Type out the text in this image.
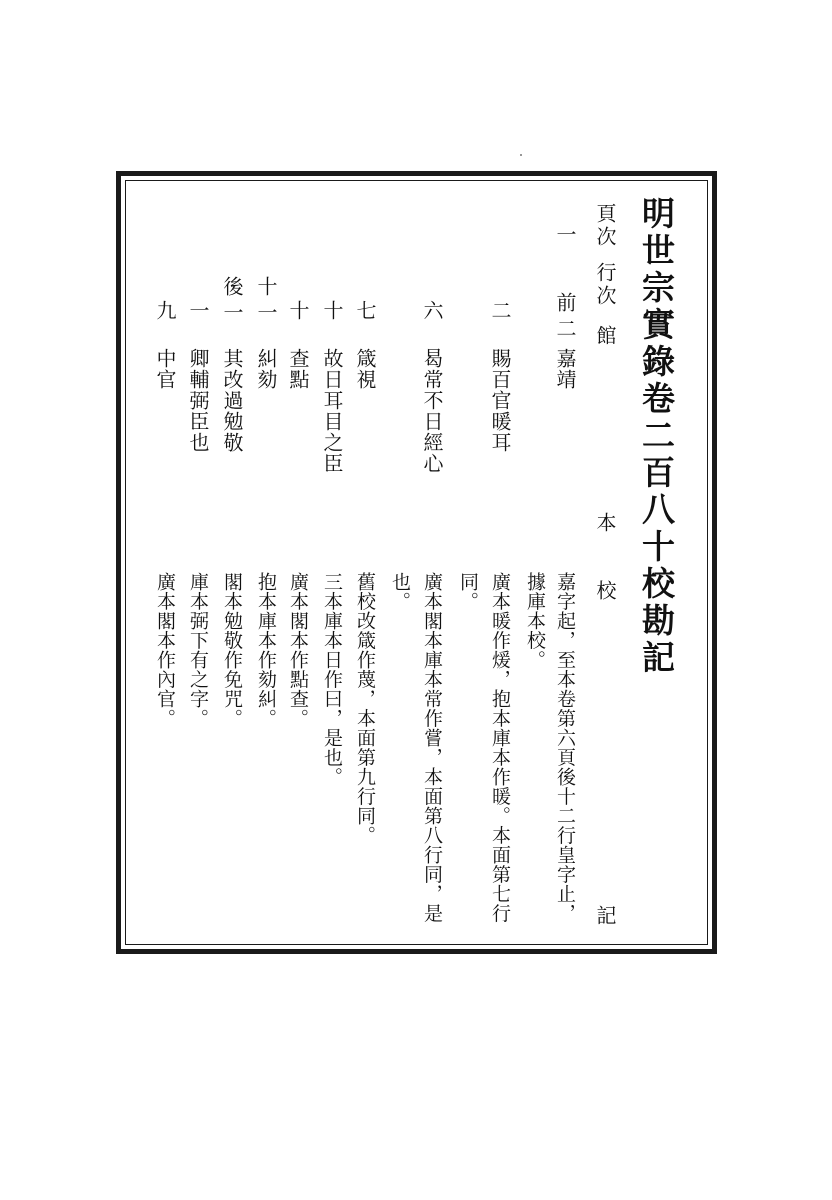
明世宗實錄卷二百八十校勘記
頁次
行次
館
本
校
記
一
前二
嘉靖
嘉字起，至本卷第六頁後十二行皇字止，
據庫本校。
二
賜百官暖耳
廣本暖作煖，抱本庫本作暖。本面第七行
同。
六
曷常不日經心
廣本閣本庫本常作嘗，本面第八行同，是
也。
七
箴視
舊校改箴作蔑，本面第九行同。
十
故日耳目之臣
三本庫本日作曰，是也。
十
查點
廣本閣本作點查。
十一
糾劾
抱本庫本作劾糾。
後一
其改過勉敬
閣本勉敬作免咒。
一
卿輔弼臣也
庫本弼下有之字。
九
中官
廣本閣本作內官。
